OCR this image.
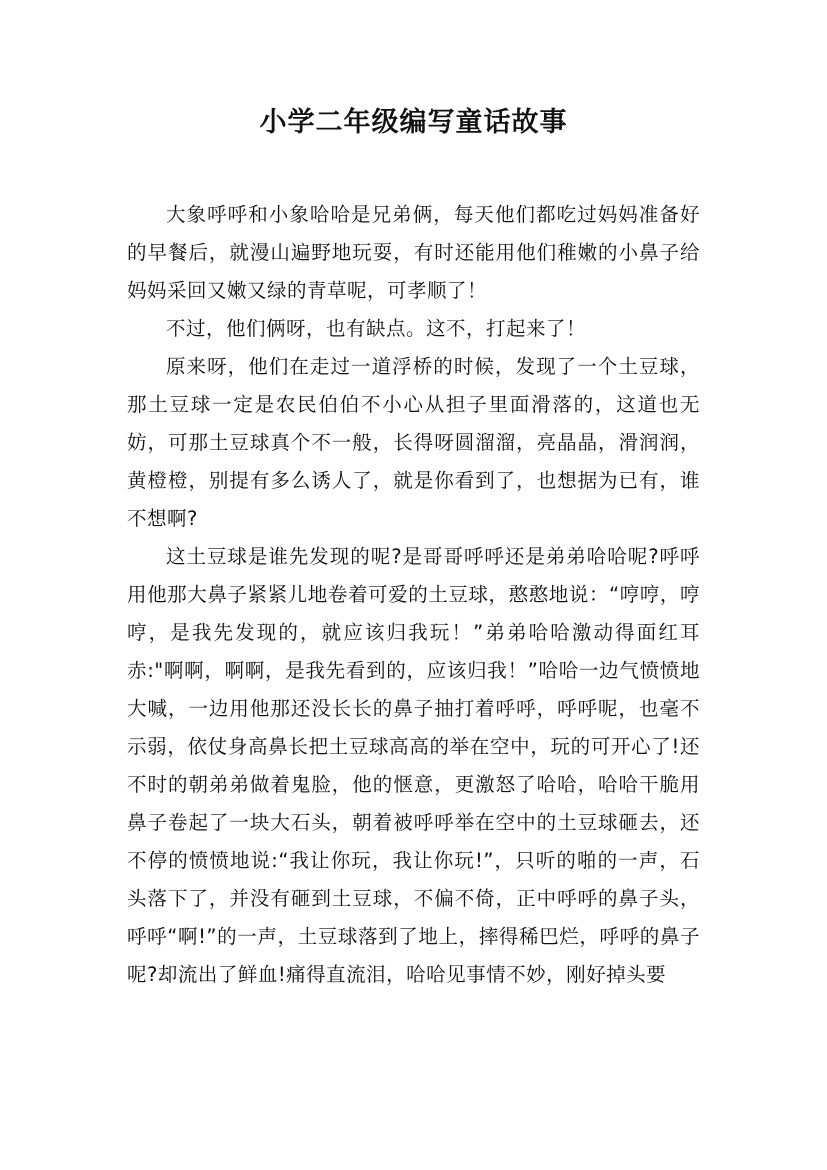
小学二年级编写童话故事

大象呼呼和小象哈哈是兄弟俩，每天他们都吃过妈妈准备好的早餐后，就漫山遍野地玩耍，有时还能用他们稚嫩的小鼻子给妈妈采回又嫩又绿的青草呢，可孝顺了！

不过，他们俩呀，也有缺点。这不，打起来了！

原来呀，他们在走过一道浮桥的时候，发现了一个土豆球，那土豆球一定是农民伯伯不小心从担子里面滑落的，这道也无妨，可那土豆球真个不一般，长得呀圆溜溜，亮晶晶，滑润润，黄橙橙，别提有多么诱人了，就是你看到了，也想据为已有，谁不想啊?

这土豆球是谁先发现的呢?是哥哥呼呼还是弟弟哈哈呢?呼呼用他那大鼻子紧紧儿地卷着可爱的土豆球，憨憨地说：“哼哼，哼哼，是我先发现的，就应该归我玩！”弟弟哈哈激动得面红耳赤:"啊啊，啊啊，是我先看到的，应该归我！”哈哈一边气愤愤地大喊，一边用他那还没长长的鼻子抽打着呼呼，呼呼呢，也毫不示弱，依仗身高鼻长把土豆球高高的举在空中，玩的可开心了!还不时的朝弟弟做着鬼脸，他的惬意，更激怒了哈哈，哈哈干脆用鼻子卷起了一块大石头，朝着被呼呼举在空中的土豆球砸去，还不停的愤愤地说:“我让你玩，我让你玩!”，只听的啪的一声，石头落下了，并没有砸到土豆球，不偏不倚，正中呼呼的鼻子头，呼呼“啊!”的一声，土豆球落到了地上，摔得稀巴烂，呼呼的鼻子呢?却流出了鲜血!痛得直流泪，哈哈见事情不妙，刚好掉头要
